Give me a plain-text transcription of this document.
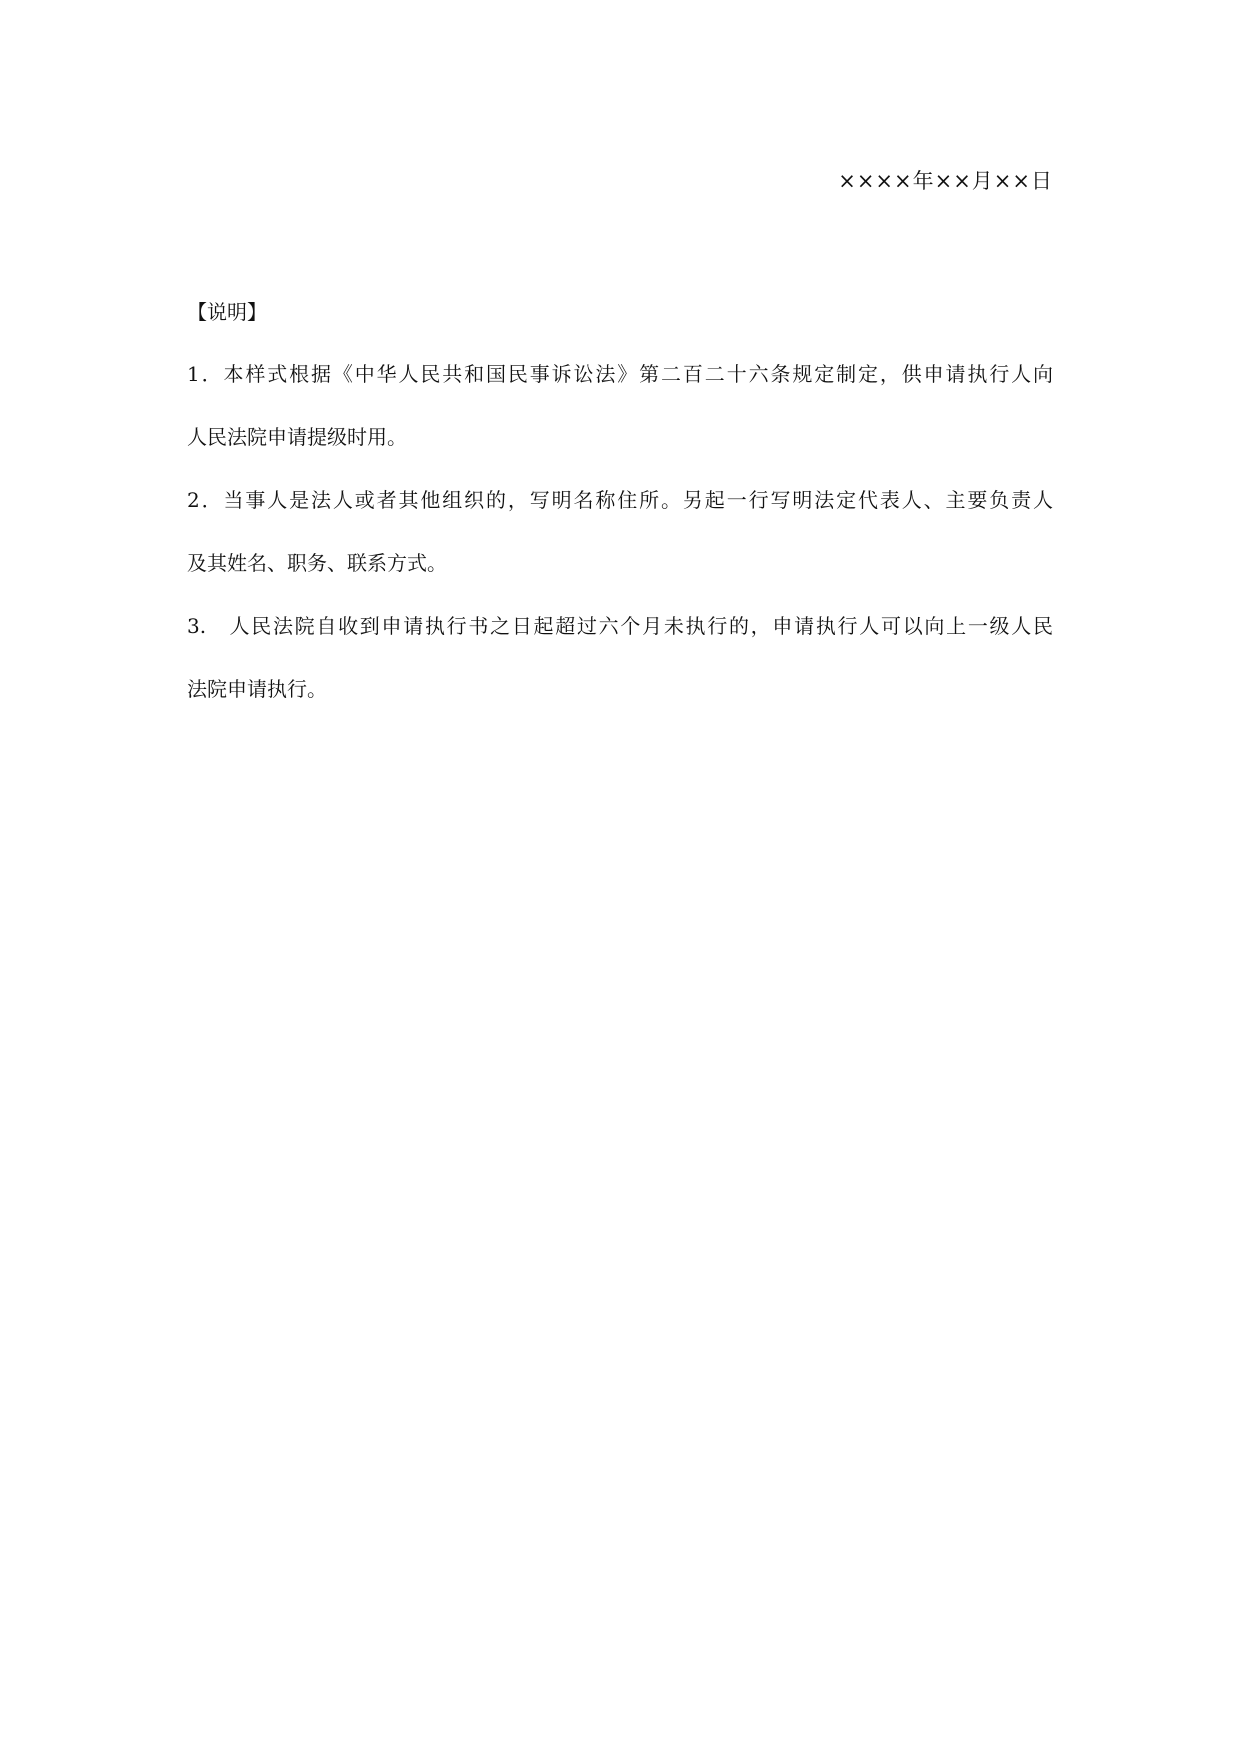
××××年××月××日
【说明】
1．本样式根据《中华人民共和国民事诉讼法》第二百二十六条规定制定，供申请执行人向
人民法院申请提级时用。
2．当事人是法人或者其他组织的，写明名称住所。另起一行写明法定代表人、主要负责人
及其姓名、职务、联系方式。
3.　人民法院自收到申请执行书之日起超过六个月未执行的，申请执行人可以向上一级人民
法院申请执行。
